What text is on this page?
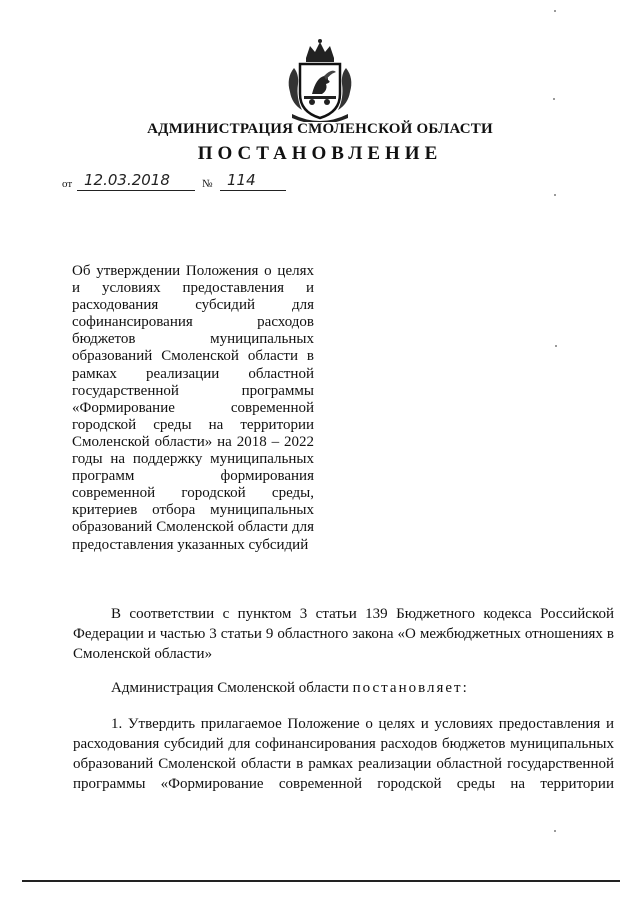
АДМИНИСТРАЦИЯ СМОЛЕНСКОЙ ОБЛАСТИ
ПОСТАНОВЛЕНИЕ
от 12.03.2018	№ 114
Об утверждении Положения о целях и условиях предоставления и расходования субсидий для софинансирования расходов бюджетов муниципальных образований Смоленской области в рамках реализации областной государственной программы «Формирование современной городской среды на территории Смоленской области» на 2018 – 2022 годы на поддержку муниципальных программ формирования современной городской среды, критериев отбора муниципальных образований Смоленской области для предоставления указанных субсидий
В соответствии с пунктом 3 статьи 139 Бюджетного кодекса Российской Федерации и частью 3 статьи 9 областного закона «О межбюджетных отношениях в Смоленской области»
Администрация Смоленской области постановляет:
1. Утвердить прилагаемое Положение о целях и условиях предоставления и расходования субсидий для софинансирования расходов бюджетов муниципальных образований Смоленской области в рамках реализации областной государственной программы «Формирование современной городской среды на территории
